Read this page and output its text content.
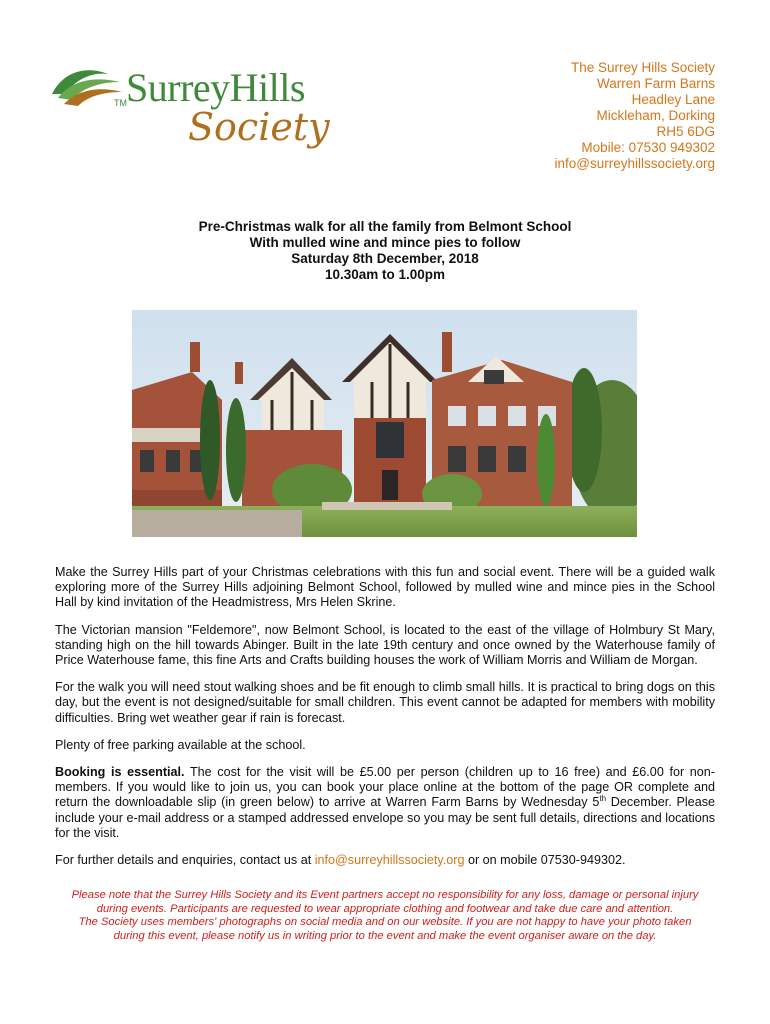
TM SurreyHills
Society
The Surrey Hills Society
Warren Farm Barns
Headley Lane
Mickleham, Dorking
RH5 6DG
Mobile: 07530 949302
info@surreyhillssociety.org
Pre-Christmas walk for all the family from Belmont School
With mulled wine and mince pies to follow
Saturday 8th December, 2018
10.30am to 1.00pm

Make the Surrey Hills part of your Christmas celebrations with this fun and social event. There will be a guided walk exploring more of the Surrey Hills adjoining Belmont School, followed by mulled wine and mince pies in the School Hall by kind invitation of the Headmistress, Mrs Helen Skrine.

The Victorian mansion "Feldemore", now Belmont School, is located to the east of the village of Holmbury St Mary, standing high on the hill towards Abinger. Built in the late 19th century and once owned by the Waterhouse family of Price Waterhouse fame, this fine Arts and Crafts building houses the work of William Morris and William de Morgan.

For the walk you will need stout walking shoes and be fit enough to climb small hills. It is practical to bring dogs on this day, but the event is not designed/suitable for small children. This event cannot be adapted for members with mobility difficulties. Bring wet weather gear if rain is forecast.

Plenty of free parking available at the school.

Booking is essential. The cost for the visit will be £5.00 per person (children up to 16 free) and £6.00 for non-members. If you would like to join us, you can book your place online at the bottom of the page OR complete and return the downloadable slip (in green below) to arrive at Warren Farm Barns by Wednesday 5th December. Please include your e-mail address or a stamped addressed envelope so you may be sent full details, directions and locations for the visit.

For further details and enquiries, contact us at info@surreyhillssociety.org or on mobile 07530-949302.

Please note that the Surrey Hills Society and its Event partners accept no responsibility for any loss, damage or personal injury
during events. Participants are requested to wear appropriate clothing and footwear and take due care and attention.
The Society uses members' photographs on social media and on our website. If you are not happy to have your photo taken
during this event, please notify us in writing prior to the event and make the event organiser aware on the day.
